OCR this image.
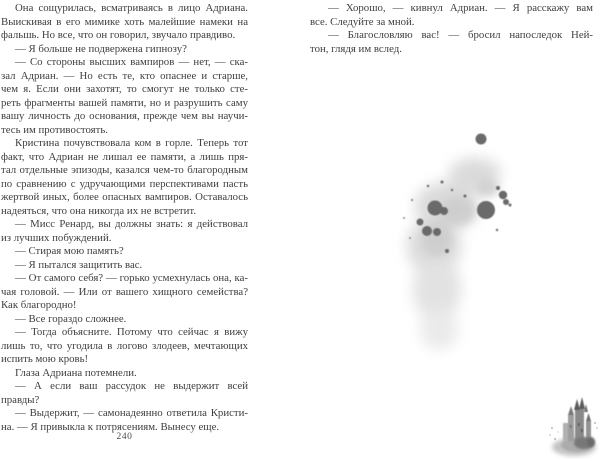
Она сощурилась, всматриваясь в лицо Адриана.
Выискивая в его мимике хоть малейшие намеки на
фальшь. Но все, что он говорил, звучало правдиво.
— Я больше не подвержена гипнозу?
— Со стороны высших вампиров — нет, — ска-
зал Адриан. — Но есть те, кто опаснее и старше,
чем я. Если они захотят, то смогут не только сте-
реть фрагменты вашей памяти, но и разрушить саму
вашу личность до основания, прежде чем вы научи-
тесь им противостоять.
Кристина почувствовала ком в горле. Теперь тот
факт, что Адриан не лишал ее памяти, а лишь пря-
тал отдельные эпизоды, казался чем-то благородным
по сравнению с удручающими перспективами пасть
жертвой иных, более опасных вампиров. Оставалось
надеяться, что она никогда их не встретит.
— Мисс Ренард, вы должны знать: я действовал
из лучших побуждений.
— Стирая мою память?
— Я пытался защитить вас.
— От самого себя? — горько усмехнулась она, ка-
чая головой. — Или от вашего хищного семейства?
Как благородно!
— Все гораздо сложнее.
— Тогда объясните. Потому что сейчас я вижу
лишь то, что угодила в логово злодеев, мечтающих
испить мою кровь!
Глаза Адриана потемнели.
— А если ваш рассудок не выдержит всей правды?
— Выдержит, — самонадеянно ответила Кристи-
на. — Я привыкла к потрясениям. Вынесу еще.
240
— Хорошо, — кивнул Адриан. — Я расскажу вам
все. Следуйте за мной.
— Благословляю вас! — бросил напоследок Ней-
тон, глядя им вслед.
